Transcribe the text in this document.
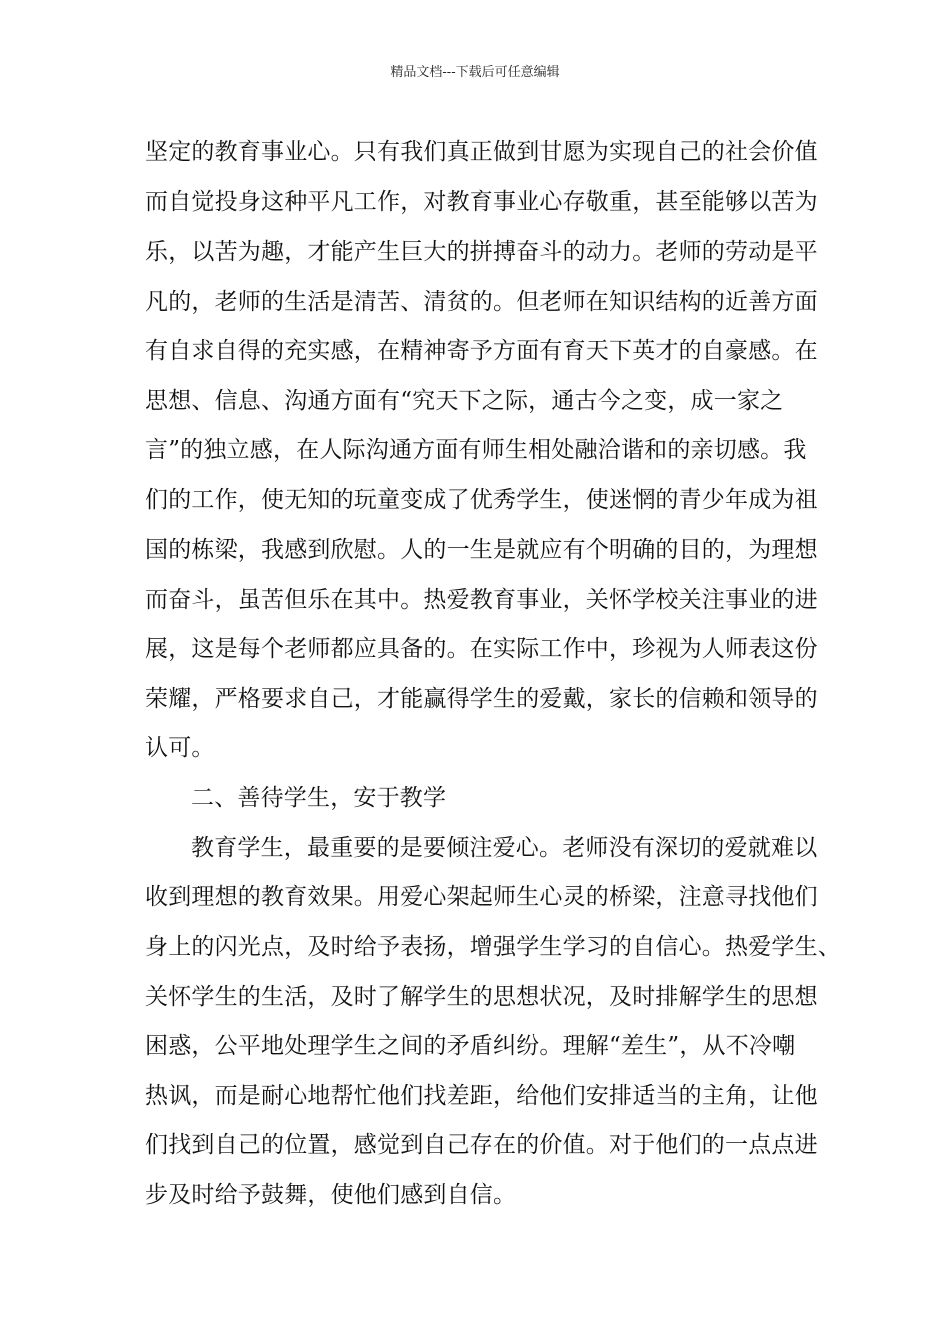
精品文档---下载后可任意编辑
坚定的教育事业心。只有我们真正做到甘愿为实现自己的社会价值
而自觉投身这种平凡工作，对教育事业心存敬重，甚至能够以苦为
乐，以苦为趣，才能产生巨大的拼搏奋斗的动力。老师的劳动是平
凡的，老师的生活是清苦、清贫的。但老师在知识结构的近善方面
有自求自得的充实感，在精神寄予方面有育天下英才的自豪感。在
思想、信息、沟通方面有“究天下之际，通古今之变，成一家之
言”的独立感，在人际沟通方面有师生相处融洽谐和的亲切感。我
们的工作，使无知的玩童变成了优秀学生，使迷惘的青少年成为祖
国的栋梁，我感到欣慰。人的一生是就应有个明确的目的，为理想
而奋斗，虽苦但乐在其中。热爱教育事业，关怀学校关注事业的进
展，这是每个老师都应具备的。在实际工作中，珍视为人师表这份
荣耀，严格要求自己，才能赢得学生的爱戴，家长的信赖和领导的
认可。
二、善待学生，安于教学
教育学生，最重要的是要倾注爱心。老师没有深切的爱就难以
收到理想的教育效果。用爱心架起师生心灵的桥梁，注意寻找他们
身上的闪光点，及时给予表扬，增强学生学习的自信心。热爱学生、
关怀学生的生活，及时了解学生的思想状况，及时排解学生的思想
困惑，公平地处理学生之间的矛盾纠纷。理解“差生”，从不冷嘲
热讽，而是耐心地帮忙他们找差距，给他们安排适当的主角，让他
们找到自己的位置，感觉到自己存在的价值。对于他们的一点点进
步及时给予鼓舞，使他们感到自信。
